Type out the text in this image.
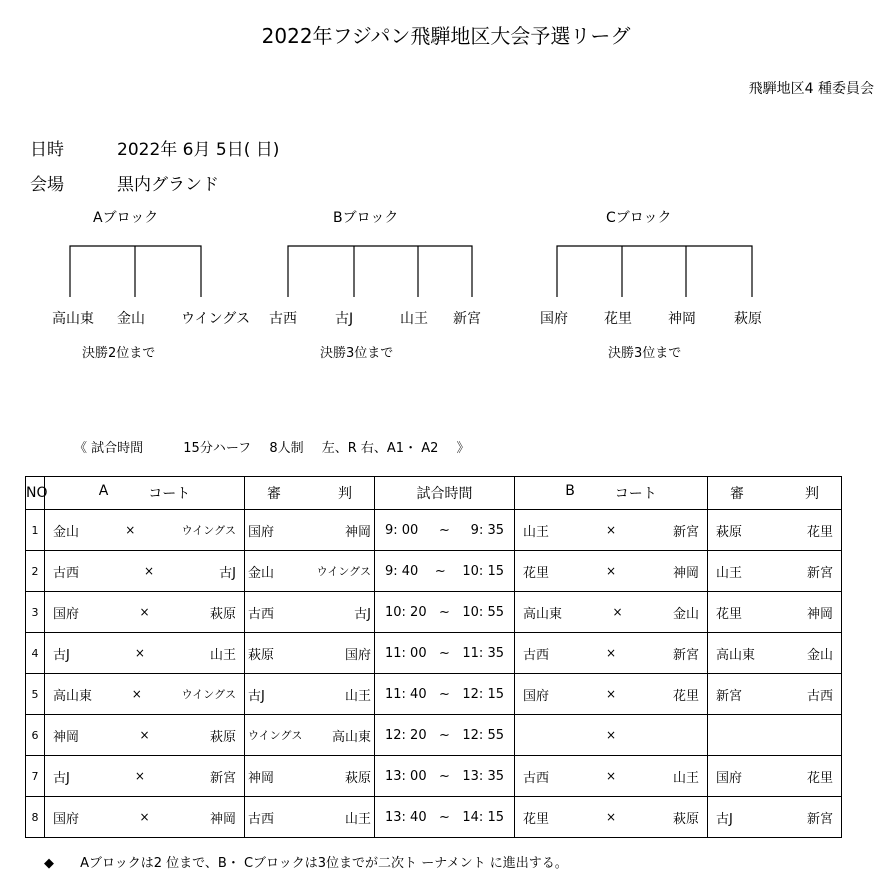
2022年フジパン飛騨地区大会予選リーグ
飛騨地区4 種委員会
日時	2022年 6月 5日( 日)
会場	黒内グランド
Aブロック	Bブロック	Cブロック
高山東 金山	ウイングス 古西	古J	山王 新宮	国府	花里	神岡	萩原
決勝2位まで	決勝3位まで	決勝3位まで
《 試合時間	15分ハーフ 8人制 左、R 右、A1・ A2 》
NO	A コート	審 判	試合時間	B コート	審 判

1	金山 × ウイングス	国府 神岡	9: 00 ~ 9: 35	山王 × 新宮	萩原 花里

2	古西 × 古J	金山 ウイングス	9: 40 ~ 10: 15	花里 × 神岡	山王 新宮

3	国府 × 萩原	古西 古J	10: 20 ~ 10: 55	高山東 × 金山	花里 神岡

4	古J × 山王	萩原 国府	11: 00 ~ 11: 35	古西 × 新宮	高山東 金山

5	高山東 × ウイングス	古J 山王	11: 40 ~ 12: 15	国府 × 花里	新宮 古西

6	神岡 × 萩原	ウイングス 高山東	12: 20 ~ 12: 55	×	

7	古J × 新宮	神岡 萩原	13: 00 ~ 13: 35	古西 × 山王	国府 花里

8	国府 × 神岡	古西 山王	13: 40 ~ 14: 15	花里 × 萩原	古J 新宮
◆ Aブロックは2 位まで、B・ Cブロックは3位までが二次ト ーナメント に進出する。
